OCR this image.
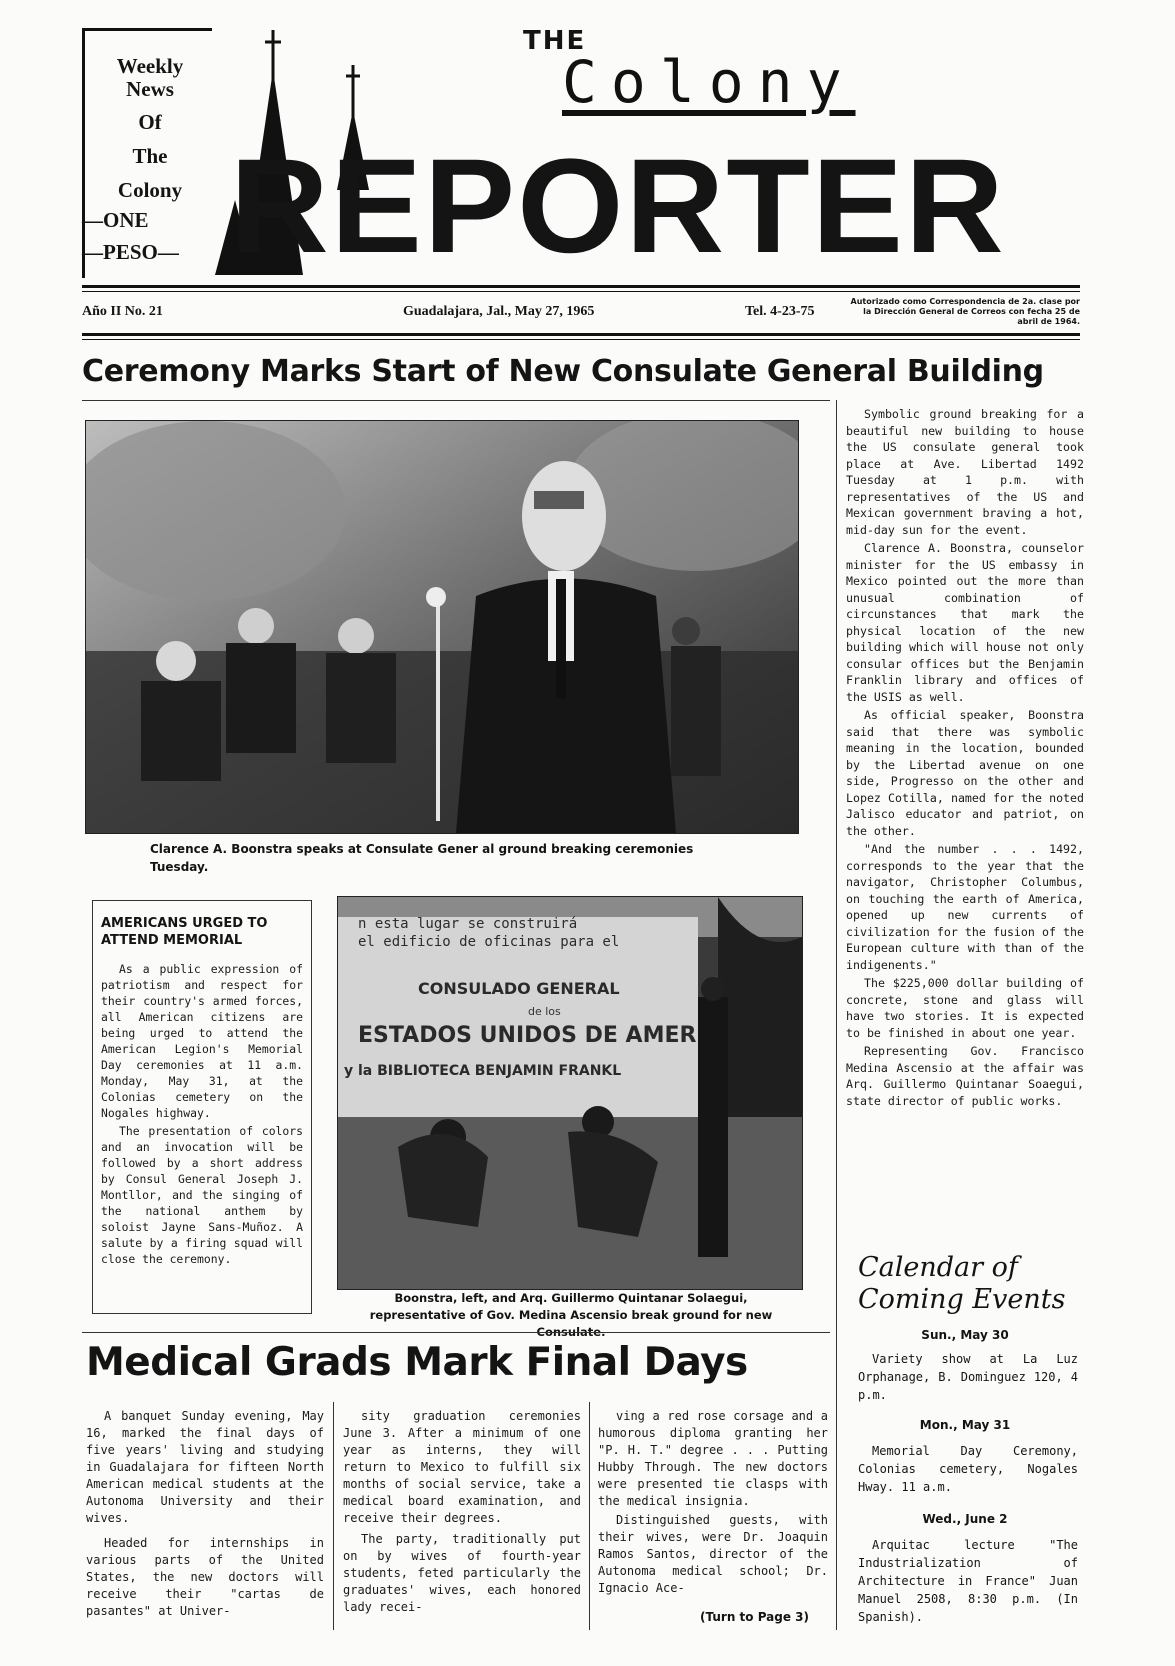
Weekly
News
Of
The
Colony
—ONE
—PESO—
THE
Colony
REPORTER
Año II No. 21	Guadalajara, Jal., May 27, 1965	Tel. 4-23-75
Autorizado como Correspondencia de 2a. clase por la Dirección General de Correos con fecha 25 de abril de 1964.
Ceremony Marks Start of New Consulate General Building
Clarence A. Boonstra speaks at Consulate Gener al ground breaking ceremonies Tuesday.

Symbolic ground breaking for a beautiful new building to house the US consulate general took place at Ave. Libertad 1492 Tuesday at 1 p.m. with representatives of the US and Mexican government braving a hot, mid-day sun for the event.

Clarence A. Boonstra, counselor minister for the US embassy in Mexico pointed out the more than unusual combination of circunstances that mark the physical location of the new building which will house not only consular offices but the Benjamin Franklin library and offices of the USIS as well.

As official speaker, Boonstra said that there was symbolic meaning in the location, bounded by the Libertad avenue on one side, Progresso on the other and Lopez Cotilla, named for the noted Jalisco educator and patriot, on the other.

"And the number . . . 1492, corresponds to the year that the navigator, Christopher Columbus, on touching the earth of America, opened up new currents of civilization for the fusion of the European culture with than of the indigenents."

The $225,000 dollar building of concrete, stone and glass will have two stories. It is expected to be finished in about one year.

Representing Gov. Francisco Medina Ascensio at the affair was Arq. Guillermo Quintanar Soaegui, state director of public works.

AMERICANS URGED TO ATTEND MEMORIAL

As a public expression of patriotism and respect for their country's armed forces, all American citizens are being urged to attend the American Legion's Memorial Day ceremonies at 11 a.m. Monday, May 31, at the Colonias cemetery on the Nogales highway.

The presentation of colors and an invocation will be followed by a short address by Consul General Joseph J. Montllor, and the singing of the national anthem by soloist Jayne Sans-Muñoz. A salute by a firing squad will close the ceremony.

n esta lugar se construirá
el edificio de oficinas para el
CONSULADO GENERAL
de los
ESTADOS UNIDOS DE AMER
y la BIBLIOTECA BENJAMIN FRANKL
Boonstra, left, and Arq. Guillermo Quintanar Solaegui, representative of Gov. Medina Ascensio break ground for new Consulate.
Calendar of Coming Events
Sun., May 30
Variety show at La Luz Orphanage, B. Dominguez 120, 4 p.m.
Mon., May 31
Memorial Day Ceremony, Colonias cemetery, Nogales Hway. 11 a.m.
Wed., June 2
Arquitac lecture "The Industrialization of Architecture in France" Juan Manuel 2508, 8:30 p.m. (In Spanish).
Medical Grads Mark Final Days

A banquet Sunday evening, May 16, marked the final days of five years' living and studying in Guadalajara for fifteen North American medical students at the Autonoma University and their wives.

Headed for internships in various parts of the United States, the new doctors will receive their "cartas de pasantes" at Univer-

sity graduation ceremonies June 3. After a minimum of one year as interns, they will return to Mexico to fulfill six months of social service, take a medical board examination, and receive their degrees.

The party, traditionally put on by wives of fourth-year students, feted particularly the graduates' wives, each honored lady recei-

ving a red rose corsage and a humorous diploma granting her "P. H. T." degree . . . Putting Hubby Through. The new doctors were presented tie clasps with the medical insignia.

Distinguished guests, with their wives, were Dr. Joaquin Ramos Santos, director of the Autonoma medical school; Dr. Ignacio Ace-

(Turn to Page 3)
